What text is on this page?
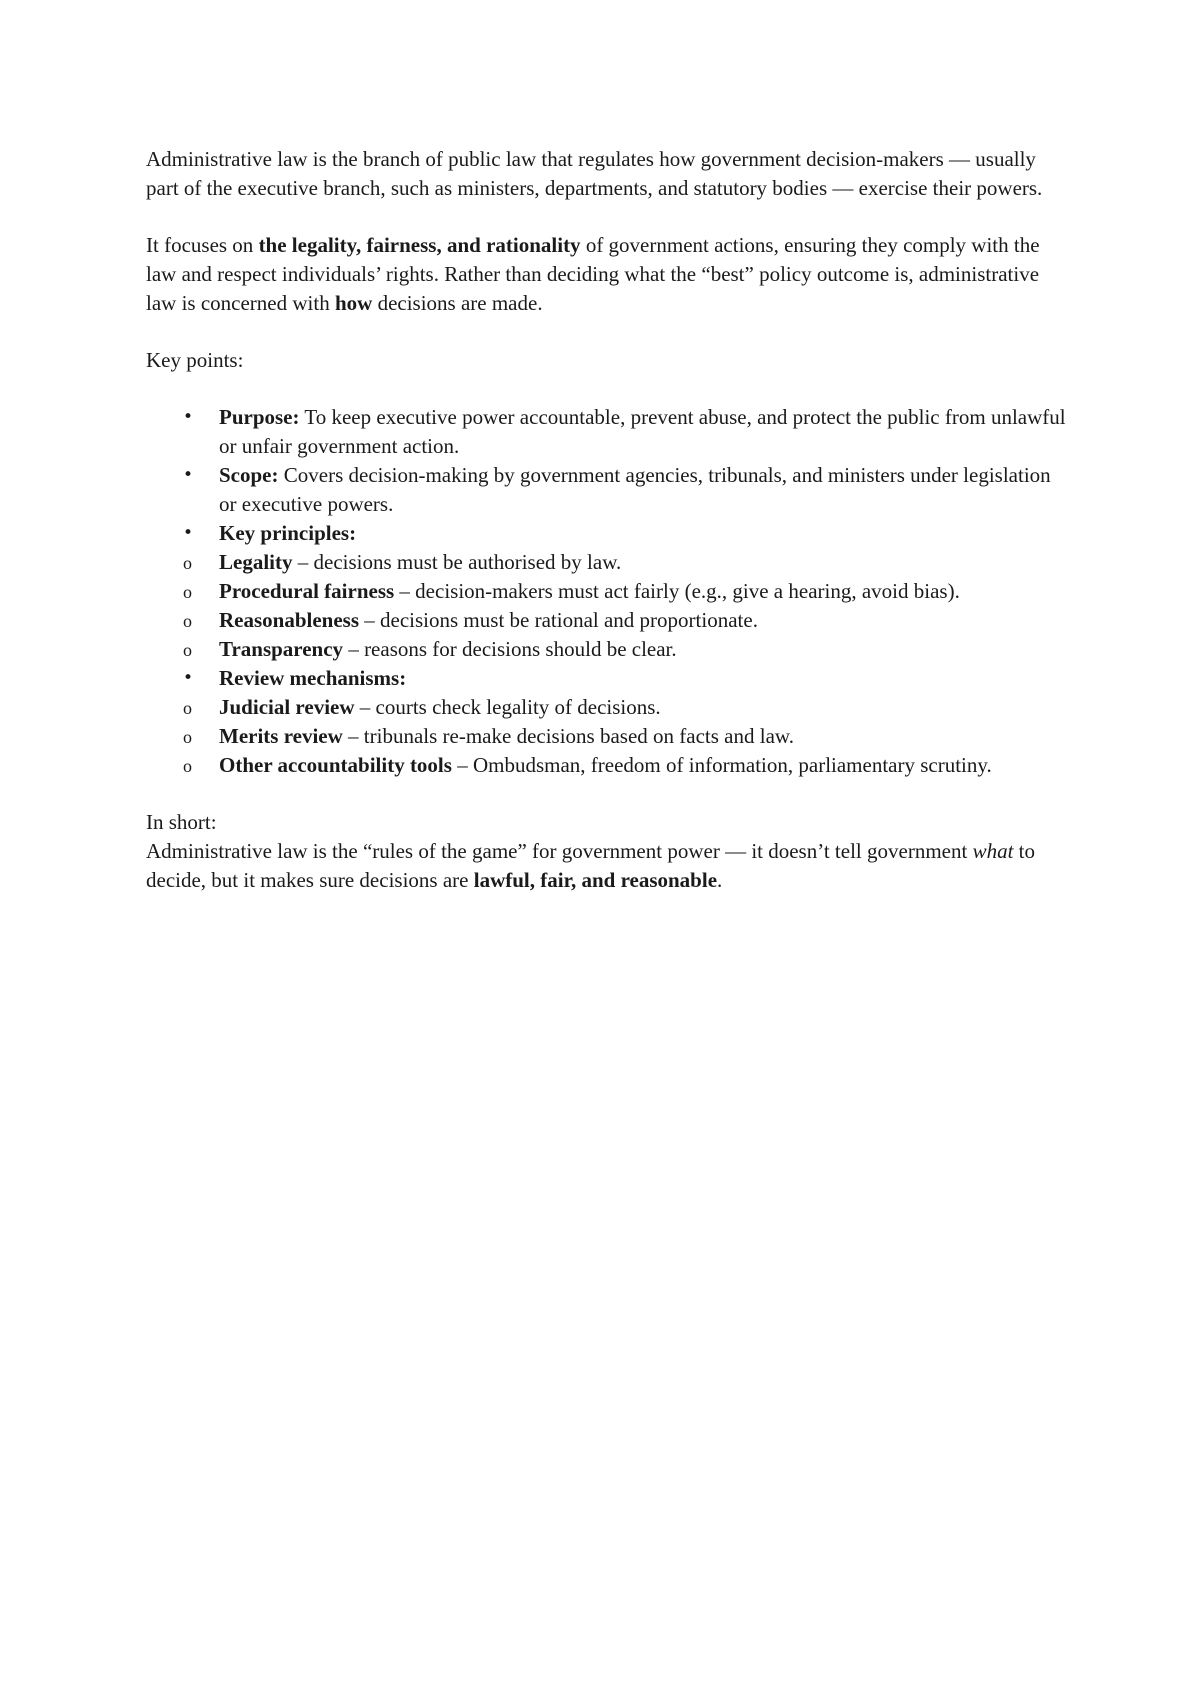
Administrative law is the branch of public law that regulates how government decision-makers — usually part of the executive branch, such as ministers, departments, and statutory bodies — exercise their powers.

It focuses on the legality, fairness, and rationality of government actions, ensuring they comply with the law and respect individuals’ rights. Rather than deciding what the “best” policy outcome is, administrative law is concerned with how decisions are made.

Key points:

• Purpose: To keep executive power accountable, prevent abuse, and protect the public from unlawful or unfair government action.
• Scope: Covers decision-making by government agencies, tribunals, and ministers under legislation or executive powers.
• Key principles:
o Legality – decisions must be authorised by law.
o Procedural fairness – decision-makers must act fairly (e.g., give a hearing, avoid bias).
o Reasonableness – decisions must be rational and proportionate.
o Transparency – reasons for decisions should be clear.
• Review mechanisms:
o Judicial review – courts check legality of decisions.
o Merits review – tribunals re-make decisions based on facts and law.
o Other accountability tools – Ombudsman, freedom of information, parliamentary scrutiny.

In short:

Administrative law is the “rules of the game” for government power — it doesn’t tell government what to decide, but it makes sure decisions are lawful, fair, and reasonable.
